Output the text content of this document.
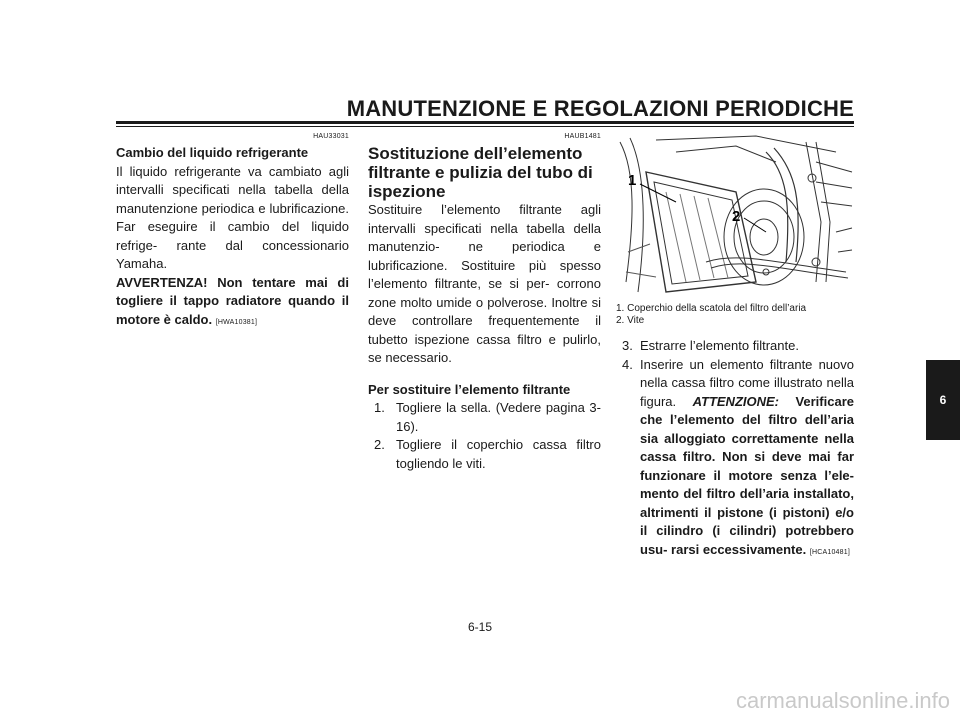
MANUTENZIONE E REGOLAZIONI PERIODICHE
HAU33031
Cambio del liquido refrigerante
Il liquido refrigerante va cambiato agli intervalli specificati nella tabella della manutenzione periodica e lubrificazione. Far eseguire il cambio del liquido refrige- rante dal concessionario Yamaha.
AVVERTENZA! Non tentare mai di togliere il tappo radiatore quando il motore è caldo. [HWA10381]
HAUB1481
Sostituzione dell’elemento filtrante e pulizia del tubo di ispezione
Sostituire l’elemento filtrante agli intervalli specificati nella tabella della manutenzio- ne periodica e lubrificazione. Sostituire più spesso l’elemento filtrante, se si per- corrono zone molto umide o polverose. Inoltre si deve controllare frequentemente il tubetto ispezione cassa filtro e pulirlo, se necessario.
Per sostituire l’elemento filtrante
1. Togliere la sella. (Vedere pagina 3-16).
2. Togliere il coperchio cassa filtro togliendo le viti.
1
2
1. Coperchio della scatola del filtro dell’aria
2. Vite
3. Estrarre l’elemento filtrante.
4. Inserire un elemento filtrante nuovo nella cassa filtro come illustrato nella figura. ATTENZIONE: Verificare che l’elemento del filtro dell’aria sia alloggiato correttamente nella cassa filtro. Non si deve mai far funzionare il motore senza l’ele- mento del filtro dell’aria installato, altrimenti il pistone (i pistoni) e/o il cilindro (i cilindri) potrebbero usu- rarsi eccessivamente. [HCA10481]
6
6-15
carmanualsonline.info
